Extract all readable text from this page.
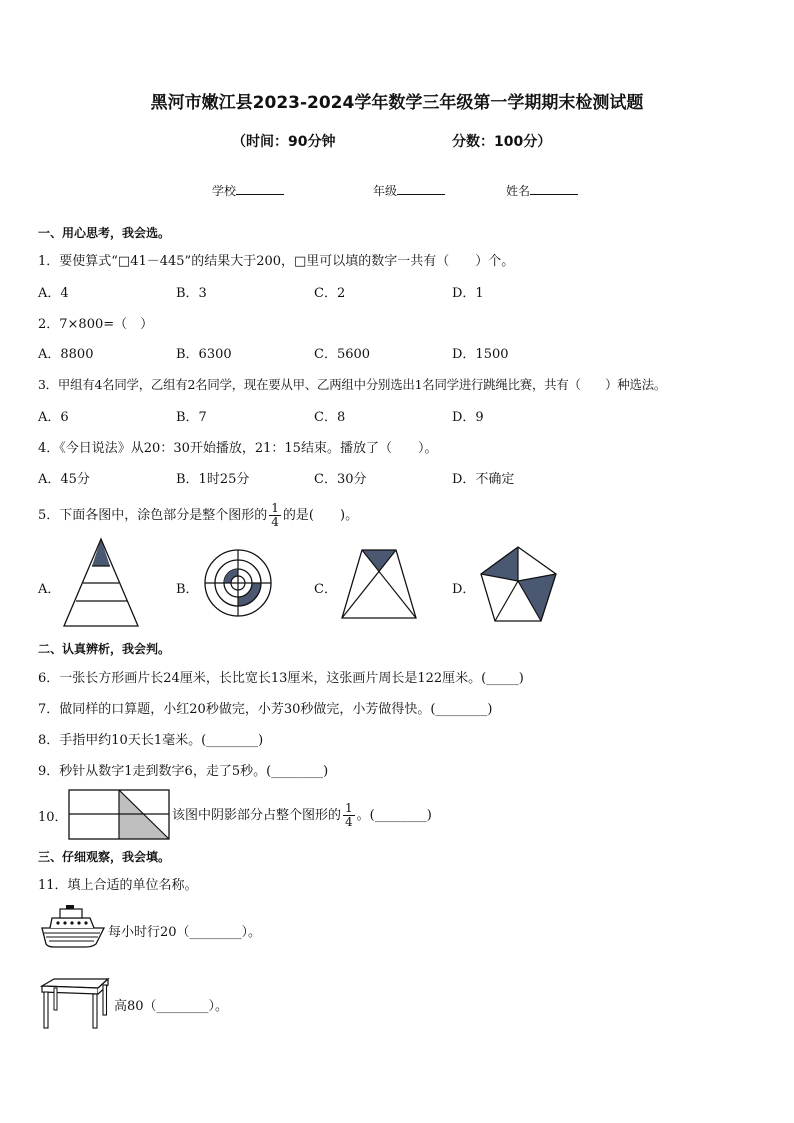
黑河市嫩江县2023-2024学年数学三年级第一学期期末检测试题
（时间：90分钟	分数：100分）
学校	年级	姓名
一、用心思考，我会选。
1．要使算式“□41－445”的结果大于200，□里可以填的数字一共有（　　）个。
A．4	B．3	C．2	D．1
2．7×800=（　）
A．8800	B．6300	C．5600	D．1500
3．甲组有4名同学，乙组有2名同学，现在要从甲、乙两组中分别选出1名同学进行跳绳比赛，共有（　　）种选法。
A．6	B．7	C．8	D．9
4．《今日说法》从20：30开始播放，21：15结束。播放了（　　）。
A．45分	B．1时25分	C．30分	D．不确定
5．下面各图中，涂色部分是整个图形的 $\frac{1}{4}$ 的是(　　)。
A．	B．	C．	D．
二、认真辨析，我会判。
6．一张长方形画片长24厘米，长比宽长13厘米，这张画片周长是122厘米。(_____)
7．做同样的口算题，小红20秒做完，小芳30秒做完，小芳做得快。(________)
8．手指甲约10天长1毫米。(________)
9．秒针从数字1走到数字6，走了5秒。(________)
10．	该图中阴影部分占整个图形的 $\frac{1}{4}$ 。(________)
三、仔细观察，我会填。
11．填上合适的单位名称。
每小时行20（________）。
高80（________）。
